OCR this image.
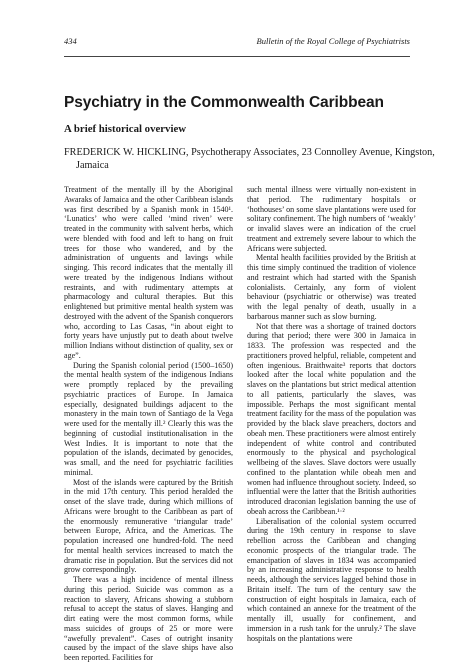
434	Bulletin of the Royal College of Psychiatrists
Psychiatry in the Commonwealth Caribbean
A brief historical overview
FREDERICK W. HICKLING, Psychotherapy Associates, 23 Connolley Avenue, Kingston,
Jamaica

Treatment of the mentally ill by the Aboriginal Awaraks of Jamaica and the other Caribbean islands was first described by a Spanish monk in 1540¹. ‘Lunatics’ who were called ‘mind riven’ were treated in the community with salvent herbs, which were blended with food and left to hang on fruit trees for those who wandered, and by the administration of unguents and lavings while singing. This record indicates that the mentally ill were treated by the indigenous Indians without restraints, and with rudimentary attempts at pharmacology and cultural therapies. But this enlightened but primitive mental health system was destroyed with the advent of the Spanish conquerors who, according to Las Casas, “in about eight to forty years have unjustly put to death about twelve million Indians without distinction of quality, sex or age”.

During the Spanish colonial period (1500–1650) the mental health system of the indigenous Indians were promptly replaced by the prevailing psychiatric practices of Europe. In Jamaica especially, designated buildings adjacent to the monastery in the main town of Santiago de la Vega were used for the mentally ill.² Clearly this was the beginning of custodial institutionalisation in the West Indies. It is important to note that the population of the islands, decimated by genocides, was small, and the need for psychiatric facilities minimal.

Most of the islands were captured by the British in the mid 17th century. This period heralded the onset of the slave trade, during which millions of Africans were brought to the Caribbean as part of the enormously remunerative ‘triangular trade’ between Europe, Africa, and the Americas. The population increased one hundred-fold. The need for mental health services increased to match the dramatic rise in population. But the services did not grow correspondingly.

There was a high incidence of mental illness during this period. Suicide was common as a reaction to slavery, Africans showing a stubborn refusal to accept the status of slaves. Hanging and dirt eating were the most common forms, while mass suicides of groups of 25 or more were “awefully prevalent”. Cases of outright insanity caused by the impact of the slave ships have also been reported. Facilities for

such mental illness were virtually non-existent in that period. The rudimentary hospitals or ‘hothouses’ on some slave plantations were used for solitary confinement. The high numbers of ‘weakly’ or invalid slaves were an indication of the cruel treatment and extremely severe labour to which the Africans were subjected.

Mental health facilities provided by the British at this time simply continued the tradition of violence and restraint which had started with the Spanish colonialists. Certainly, any form of violent behaviour (psychiatric or otherwise) was treated with the legal penalty of death, usually in a barbarous manner such as slow burning.

Not that there was a shortage of trained doctors during that period; there were 300 in Jamaica in 1833. The profession was respected and the practitioners proved helpful, reliable, competent and often ingenious. Braithwaite³ reports that doctors looked after the local white population and the slaves on the plantations but strict medical attention to all patients, particularly the slaves, was impossible. Perhaps the most significant mental treatment facility for the mass of the population was provided by the black slave preachers, doctors and obeah men. These practitioners were almost entirely independent of white control and contributed enormously to the physical and psychological wellbeing of the slaves. Slave doctors were usually confined to the plantation while obeah men and women had influence throughout society. Indeed, so influential were the latter that the British authorities introduced draconian legislation banning the use of obeah across the Caribbean.¹·²

Liberalisation of the colonial system occurred during the 19th century in response to slave rebellion across the Caribbean and changing economic prospects of the triangular trade. The emancipation of slaves in 1834 was accompanied by an increasing administrative response to health needs, although the services lagged behind those in Britain itself. The turn of the century saw the construction of eight hospitals in Jamaica, each of which contained an annexe for the treatment of the mentally ill, usually for confinement, and immersion in a rush tank for the unruly.² The slave hospitals on the plantations were
